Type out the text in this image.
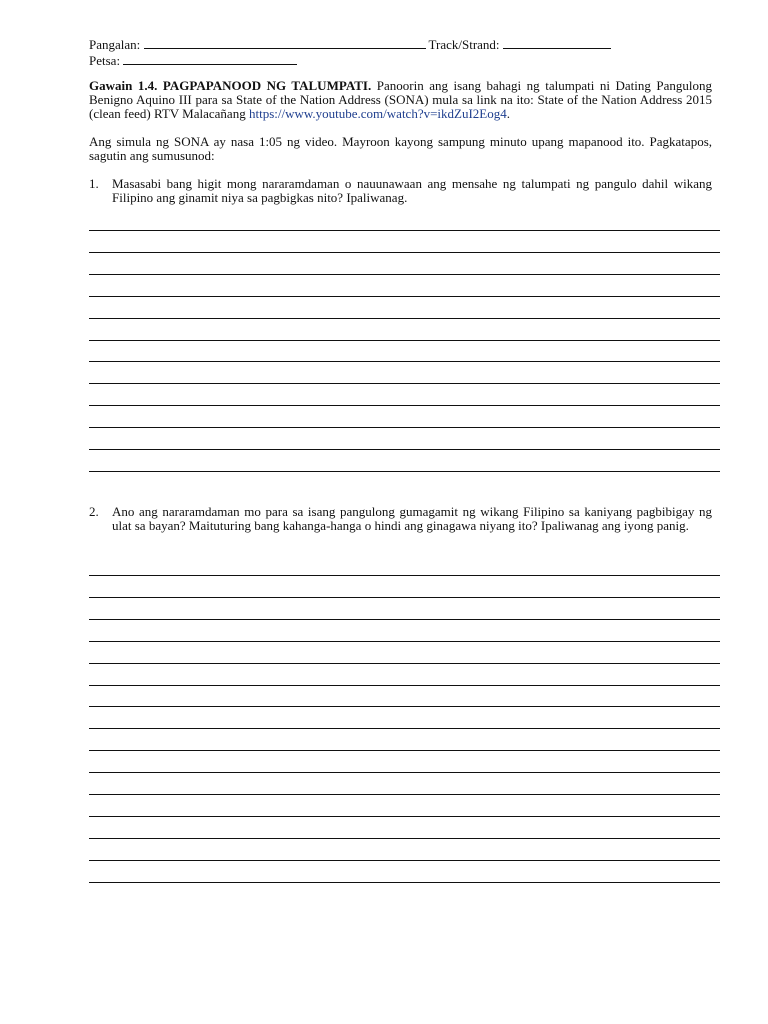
Pangalan:	Track/Strand:
Petsa:
Gawain 1.4. PAGPAPANOOD NG TALUMPATI. Panoorin ang isang bahagi ng talumpati ni Dating Pangulong Benigno Aquino III para sa State of the Nation Address (SONA) mula sa link na ito: State of the Nation Address 2015 (clean feed) RTV Malacañang https://www.youtube.com/watch?v=ikdZuI2Eog4.
Ang simula ng SONA ay nasa 1:05 ng video. Mayroon kayong sampung minuto upang mapanood ito. Pagkatapos, sagutin ang sumusunod:
1. Masasabi bang higit mong nararamdaman o nauunawaan ang mensahe ng talumpati ng pangulo dahil wikang Filipino ang ginamit niya sa pagbigkas nito? Ipaliwanag.
2. Ano ang nararamdaman mo para sa isang pangulong gumagamit ng wikang Filipino sa kaniyang pagbibigay ng ulat sa bayan? Maituturing bang kahanga-hanga o hindi ang ginagawa niyang ito? Ipaliwanag ang iyong panig.
